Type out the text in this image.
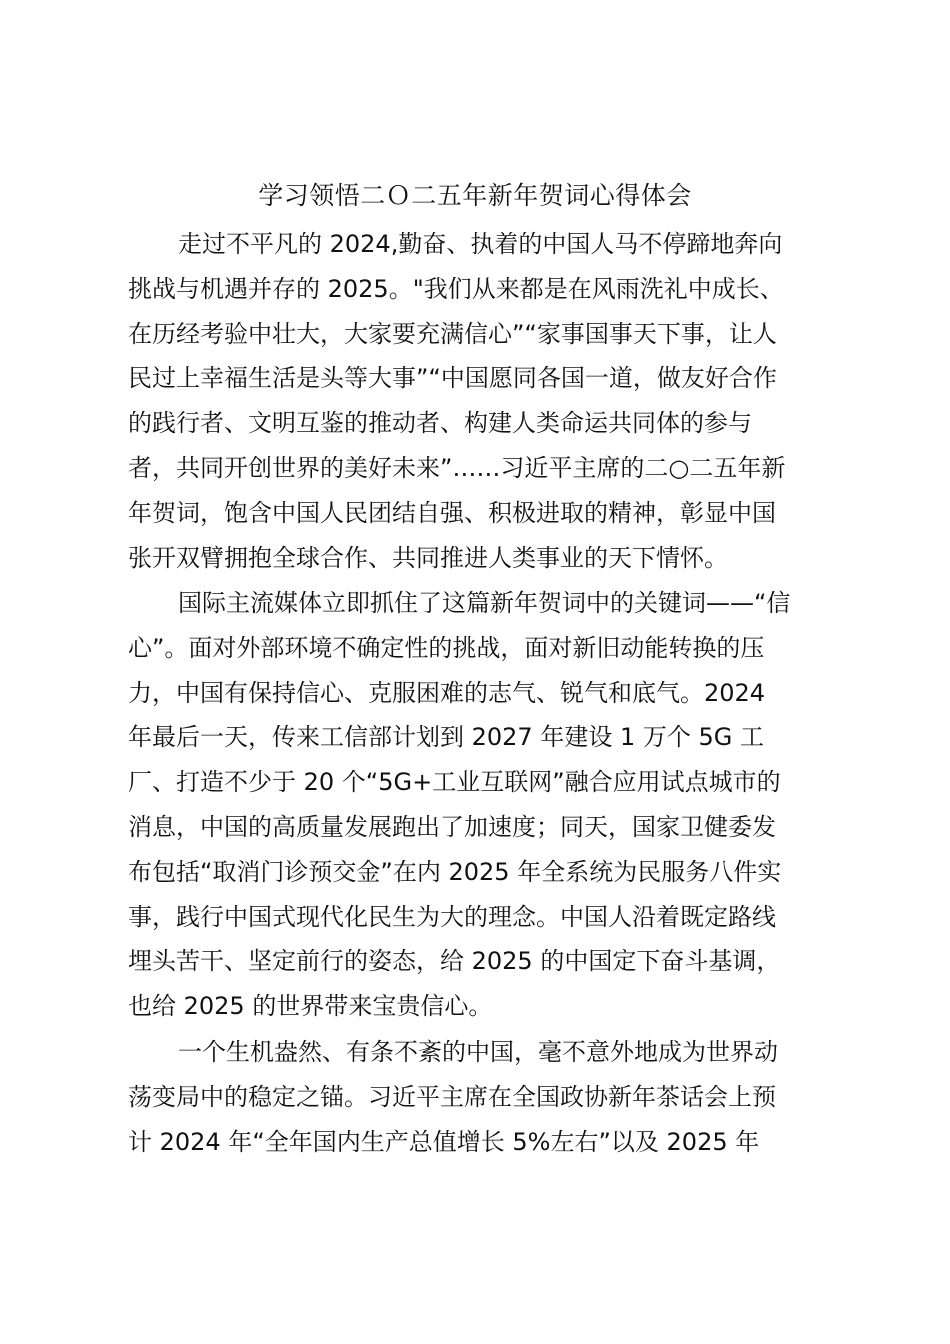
学习领悟二Ｏ二五年新年贺词心得体会
走过不平凡的 2024,勤奋、执着的中国人马不停蹄地奔向
挑战与机遇并存的 2025。"我们从来都是在风雨洗礼中成长、
在历经考验中壮大，大家要充满信心”“家事国事天下事，让人
民过上幸福生活是头等大事”“中国愿同各国一道，做友好合作
的践行者、文明互鉴的推动者、构建人类命运共同体的参与
者，共同开创世界的美好未来”……习近平主席的二○二五年新
年贺词，饱含中国人民团结自强、积极进取的精神，彰显中国
张开双臂拥抱全球合作、共同推进人类事业的天下情怀。
国际主流媒体立即抓住了这篇新年贺词中的关键词——“信
心”。面对外部环境不确定性的挑战，面对新旧动能转换的压
力，中国有保持信心、克服困难的志气、锐气和底气。2024
年最后一天，传来工信部计划到 2027 年建设 1 万个 5G 工
厂、打造不少于 20 个“5G+工业互联网”融合应用试点城市的
消息，中国的高质量发展跑出了加速度；同天，国家卫健委发
布包括“取消门诊预交金”在内 2025 年全系统为民服务八件实
事，践行中国式现代化民生为大的理念。中国人沿着既定路线
埋头苦干、坚定前行的姿态，给 2025 的中国定下奋斗基调，
也给 2025 的世界带来宝贵信心。
一个生机盎然、有条不紊的中国，毫不意外地成为世界动
荡变局中的稳定之锚。习近平主席在全国政协新年茶话会上预
计 2024 年“全年国内生产总值增长 5%左右”以及 2025 年
